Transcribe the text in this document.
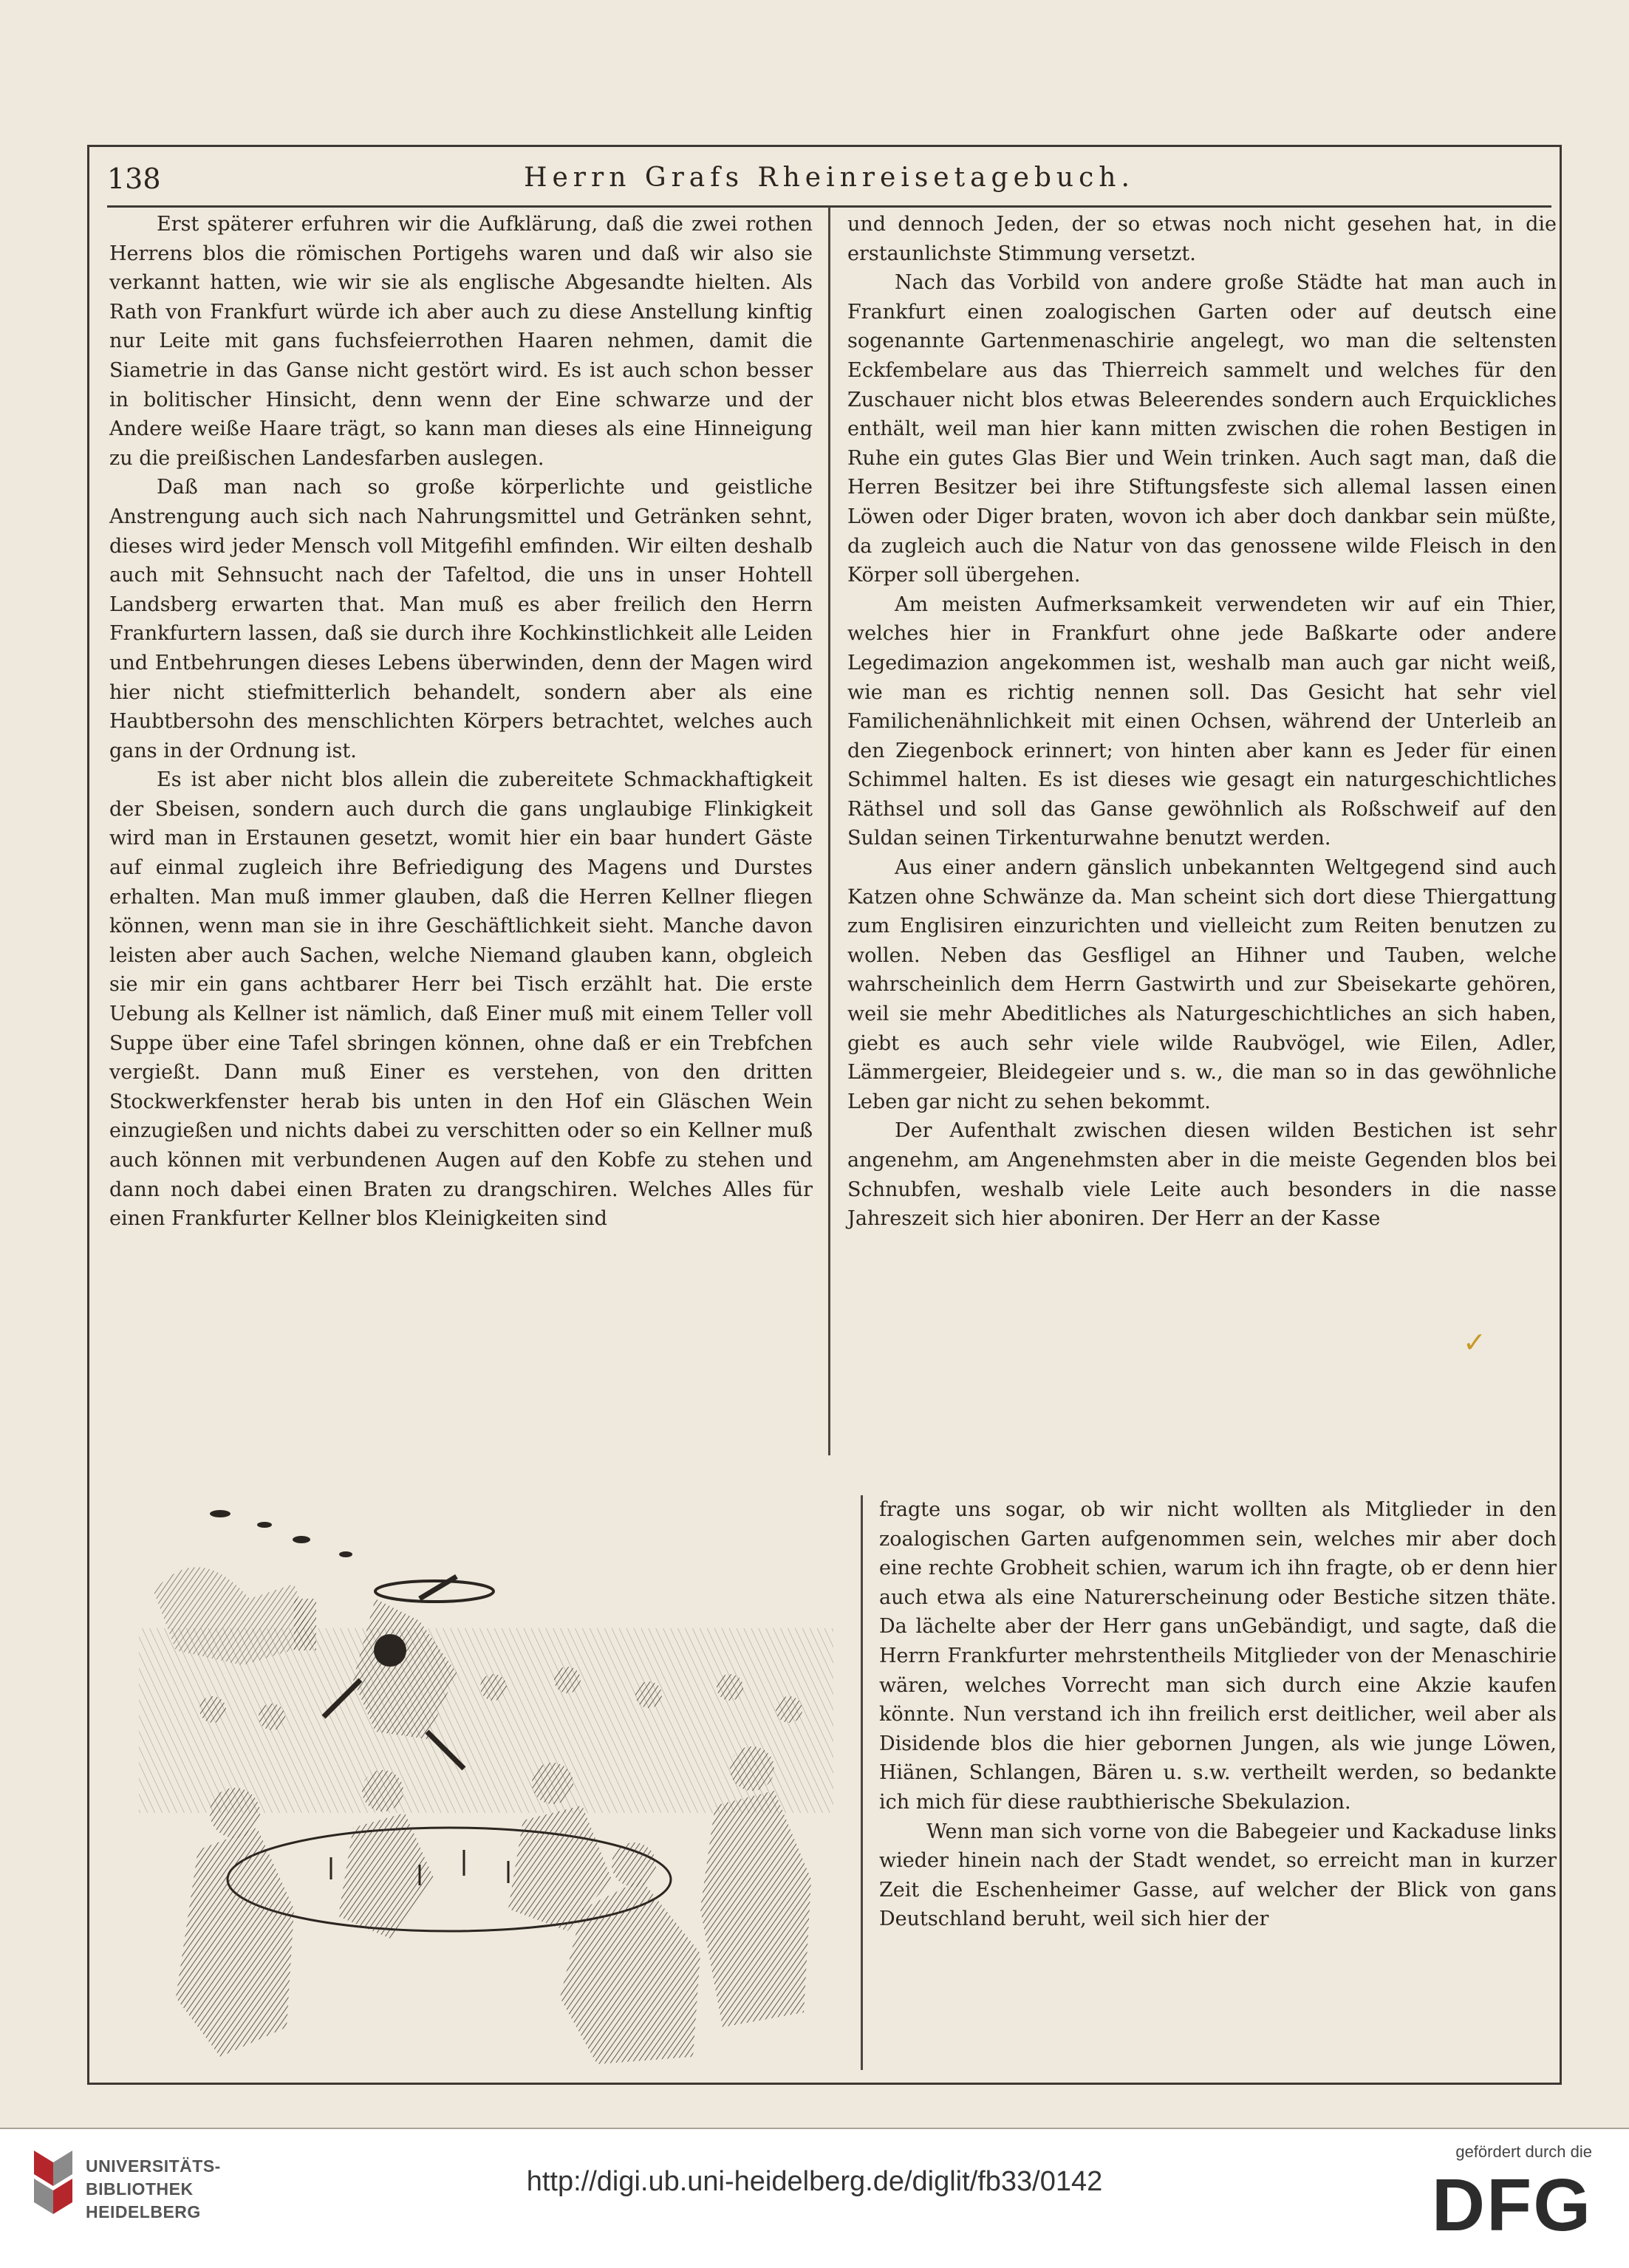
138	Herrn Grafs Rheinreisetagebuch.

Erst späterer erfuhren wir die Aufklärung, daß die zwei rothen Herrens blos die römischen Portigehs waren und daß wir also sie verkannt hatten, wie wir sie als englische Abgesandte hielten. Als Rath von Frankfurt würde ich aber auch zu diese Anstellung kinftig nur Leite mit gans fuchsfeierrothen Haaren nehmen, damit die Siametrie in das Ganse nicht gestört wird. Es ist auch schon besser in bolitischer Hinsicht, denn wenn der Eine schwarze und der Andere weiße Haare trägt, so kann man dieses als eine Hinneigung zu die preißischen Landesfarben auslegen.

Daß man nach so große körperlichte und geistliche Anstrengung auch sich nach Nahrungsmittel und Getränken sehnt, dieses wird jeder Mensch voll Mitgefihl emfinden. Wir eilten deshalb auch mit Sehnsucht nach der Tafeltod, die uns in unser Hohtell Landsberg erwarten that. Man muß es aber freilich den Herrn Frankfurtern lassen, daß sie durch ihre Kochkinstlichkeit alle Leiden und Entbehrungen dieses Lebens überwinden, denn der Magen wird hier nicht stiefmitterlich behandelt, sondern aber als eine Haubtbersohn des menschlichten Körpers betrachtet, welches auch gans in der Ordnung ist.

Es ist aber nicht blos allein die zubereitete Schmackhaftigkeit der Sbeisen, sondern auch durch die gans unglaubige Flinkigkeit wird man in Erstaunen gesetzt, womit hier ein baar hundert Gäste auf einmal zugleich ihre Befriedigung des Magens und Durstes erhalten. Man muß immer glauben, daß die Herren Kellner fliegen können, wenn man sie in ihre Geschäftlichkeit sieht. Manche davon leisten aber auch Sachen, welche Niemand glauben kann, obgleich sie mir ein gans achtbarer Herr bei Tisch erzählt hat. Die erste Uebung als Kellner ist nämlich, daß Einer muß mit einem Teller voll Suppe über eine Tafel sbringen können, ohne daß er ein Trebfchen vergießt. Dann muß Einer es verstehen, von den dritten Stockwerkfenster herab bis unten in den Hof ein Gläschen Wein einzugießen und nichts dabei zu verschitten oder so ein Kellner muß auch können mit verbundenen Augen auf den Kobfe zu stehen und dann noch dabei einen Braten zu drangschiren. Welches Alles für einen Frankfurter Kellner blos Kleinigkeiten sind

und dennoch Jeden, der so etwas noch nicht gesehen hat, in die erstaunlichste Stimmung versetzt.

Nach das Vorbild von andere große Städte hat man auch in Frankfurt einen zoalogischen Garten oder auf deutsch eine sogenannte Gartenmenaschirie angelegt, wo man die seltensten Eckfembelare aus das Thierreich sammelt und welches für den Zuschauer nicht blos etwas Beleerendes sondern auch Erquickliches enthält, weil man hier kann mitten zwischen die rohen Bestigen in Ruhe ein gutes Glas Bier und Wein trinken. Auch sagt man, daß die Herren Besitzer bei ihre Stiftungsfeste sich allemal lassen einen Löwen oder Diger braten, wovon ich aber doch dankbar sein müßte, da zugleich auch die Natur von das genossene wilde Fleisch in den Körper soll übergehen.

Am meisten Aufmerksamkeit verwendeten wir auf ein Thier, welches hier in Frankfurt ohne jede Baßkarte oder andere Legedimazion angekommen ist, weshalb man auch gar nicht weiß, wie man es richtig nennen soll. Das Gesicht hat sehr viel Familichenähnlichkeit mit einen Ochsen, während der Unterleib an den Ziegenbock erinnert; von hinten aber kann es Jeder für einen Schimmel halten. Es ist dieses wie gesagt ein naturgeschichtliches Räthsel und soll das Ganse gewöhnlich als Roßschweif auf den Suldan seinen Tirkenturwahne benutzt werden.

Aus einer andern gänslich unbekannten Weltgegend sind auch Katzen ohne Schwänze da. Man scheint sich dort diese Thiergattung zum Englisiren einzurichten und vielleicht zum Reiten benutzen zu wollen. Neben das Gesfligel an Hihner und Tauben, welche wahrscheinlich dem Herrn Gastwirth und zur Sbeisekarte gehören, weil sie mehr Abeditliches als Naturgeschichtliches an sich haben, giebt es auch sehr viele wilde Raubvögel, wie Eilen, Adler, Lämmergeier, Bleidegeier und s. w., die man so in das gewöhnliche Leben gar nicht zu sehen bekommt.

Der Aufenthalt zwischen diesen wilden Bestichen ist sehr angenehm, am Angenehmsten aber in die meiste Gegenden blos bei Schnubfen, weshalb viele Leite auch besonders in die nasse Jahreszeit sich hier aboniren. Der Herr an der Kasse

fragte uns sogar, ob wir nicht wollten als Mitglieder in den zoalogischen Garten aufgenommen sein, welches mir aber doch eine rechte Grobheit schien, warum ich ihn fragte, ob er denn hier auch etwa als eine Naturerscheinung oder Bestiche sitzen thäte. Da lächelte aber der Herr gans unGebändigt, und sagte, daß die Herrn Frankfurter mehrstentheils Mitglieder von der Menaschirie wären, welches Vorrecht man sich durch eine Akzie kaufen könnte. Nun verstand ich ihn freilich erst deitlicher, weil aber als Disidende blos die hier gebornen Jungen, als wie junge Löwen, Hiänen, Schlangen, Bären u. s.w. vertheilt werden, so bedankte ich mich für diese raubthierische Sbekulazion.

Wenn man sich vorne von die Babegeier und Kackaduse links wieder hinein nach der Stadt wendet, so erreicht man in kurzer Zeit die Eschenheimer Gasse, auf welcher der Blick von gans Deutschland beruht, weil sich hier der

✓
UNIVERSITÄTS-
BIBLIOTHEK
HEIDELBERG
http://digi.ub.uni-heidelberg.de/diglit/fb33/0142
gefördert durch die
DFG
